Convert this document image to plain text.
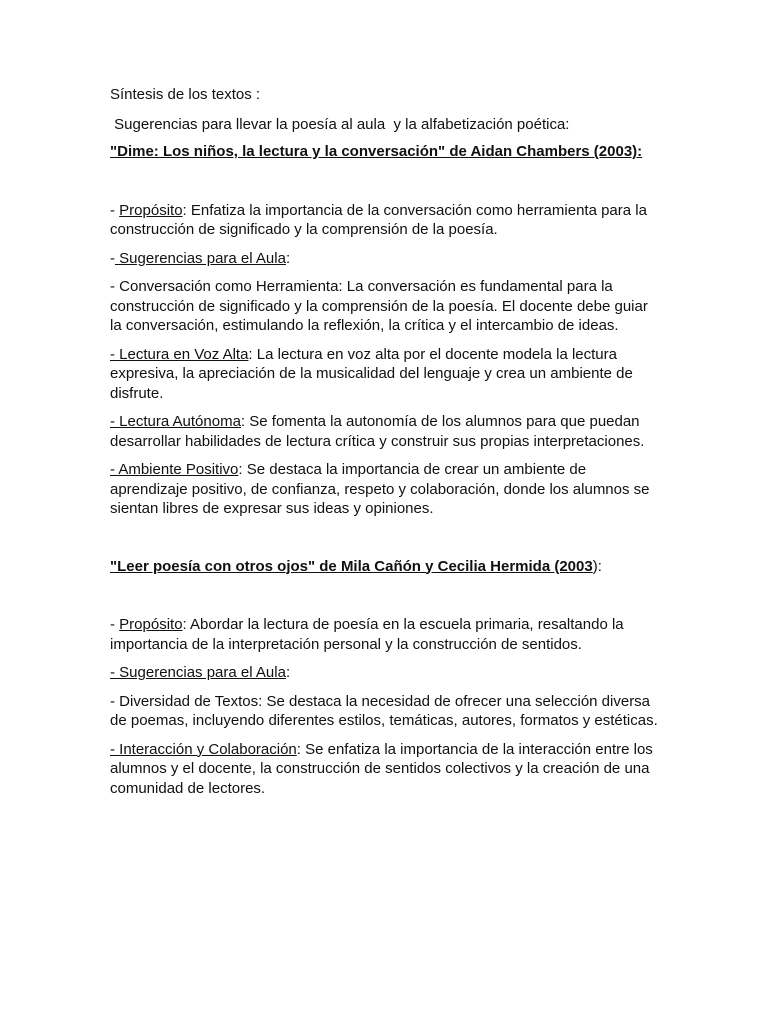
Síntesis de los textos :

Sugerencias para llevar la poesía al aula  y la alfabetización poética:

"Dime: Los niños, la lectura y la conversación" de Aidan Chambers (2003):

- Propósito: Enfatiza la importancia de la conversación como herramienta para la construcción de significado y la comprensión de la poesía.

- Sugerencias para el Aula:

- Conversación como Herramienta: La conversación es fundamental para la construcción de significado y la comprensión de la poesía. El docente debe guiar la conversación, estimulando la reflexión, la crítica y el intercambio de ideas.

- Lectura en Voz Alta: La lectura en voz alta por el docente modela la lectura expresiva, la apreciación de la musicalidad del lenguaje y crea un ambiente de disfrute.

- Lectura Autónoma: Se fomenta la autonomía de los alumnos para que puedan desarrollar habilidades de lectura crítica y construir sus propias interpretaciones.

- Ambiente Positivo: Se destaca la importancia de crear un ambiente de aprendizaje positivo, de confianza, respeto y colaboración, donde los alumnos se sientan libres de expresar sus ideas y opiniones.

"Leer poesía con otros ojos" de Mila Cañón y Cecilia Hermida (2003):

- Propósito: Abordar la lectura de poesía en la escuela primaria, resaltando la importancia de la interpretación personal y la construcción de sentidos.

- Sugerencias para el Aula:

- Diversidad de Textos: Se destaca la necesidad de ofrecer una selección diversa de poemas, incluyendo diferentes estilos, temáticas, autores, formatos y estéticas.

- Interacción y Colaboración: Se enfatiza la importancia de la interacción entre los alumnos y el docente, la construcción de sentidos colectivos y la creación de una comunidad de lectores.
